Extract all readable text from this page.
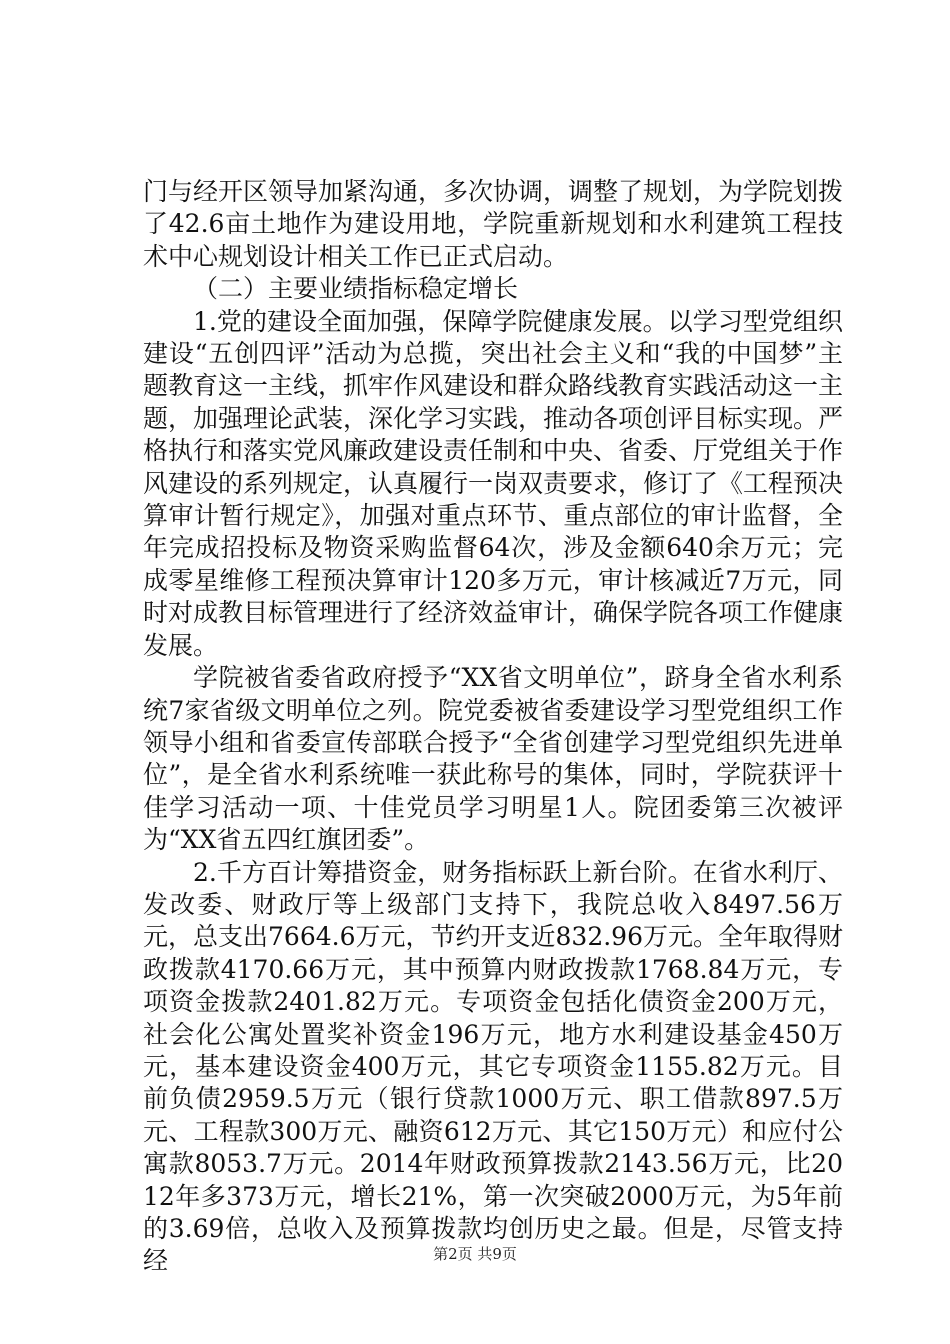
门与经开区领导加紧沟通，多次协调，调整了规划，为学院划拨了42.6亩土地作为建设用地，学院重新规划和水利建筑工程技术中心规划设计相关工作已正式启动。

（二）主要业绩指标稳定增长

1.党的建设全面加强，保障学院健康发展。以学习型党组织建设“五创四评”活动为总揽，突出社会主义和“我的中国梦”主题教育这一主线，抓牢作风建设和群众路线教育实践活动这一主题，加强理论武装，深化学习实践，推动各项创评目标实现。严格执行和落实党风廉政建设责任制和中央、省委、厅党组关于作风建设的系列规定，认真履行一岗双责要求，修订了《工程预决算审计暂行规定》，加强对重点环节、重点部位的审计监督，全年完成招投标及物资采购监督64次，涉及金额640余万元；完成零星维修工程预决算审计120多万元，审计核减近7万元，同时对成教目标管理进行了经济效益审计，确保学院各项工作健康发展。

学院被省委省政府授予“XX省文明单位”，跻身全省水利系统7家省级文明单位之列。院党委被省委建设学习型党组织工作领导小组和省委宣传部联合授予“全省创建学习型党组织先进单位”，是全省水利系统唯一获此称号的集体，同时，学院获评十佳学习活动一项、十佳党员学习明星1人。院团委第三次被评为“XX省五四红旗团委”。

2.千方百计筹措资金，财务指标跃上新台阶。在省水利厅、发改委、财政厅等上级部门支持下，我院总收入8497.56万元，总支出7664.6万元，节约开支近832.96万元。全年取得财政拨款4170.66万元，其中预算内财政拨款1768.84万元，专项资金拨款2401.82万元。专项资金包括化债资金200万元，社会化公寓处置奖补资金196万元，地方水利建设基金450万元，基本建设资金400万元，其它专项资金1155.82万元。目前负债2959.5万元（银行贷款1000万元、职工借款897.5万元、工程款300万元、融资612万元、其它150万元）和应付公寓款8053.7万元。2014年财政预算拨款2143.56万元，比2012年多373万元，增长21%，第一次突破2000万元，为5年前的3.69倍，总收入及预算拨款均创历史之最。但是，尽管支持经	第2页 共9页
